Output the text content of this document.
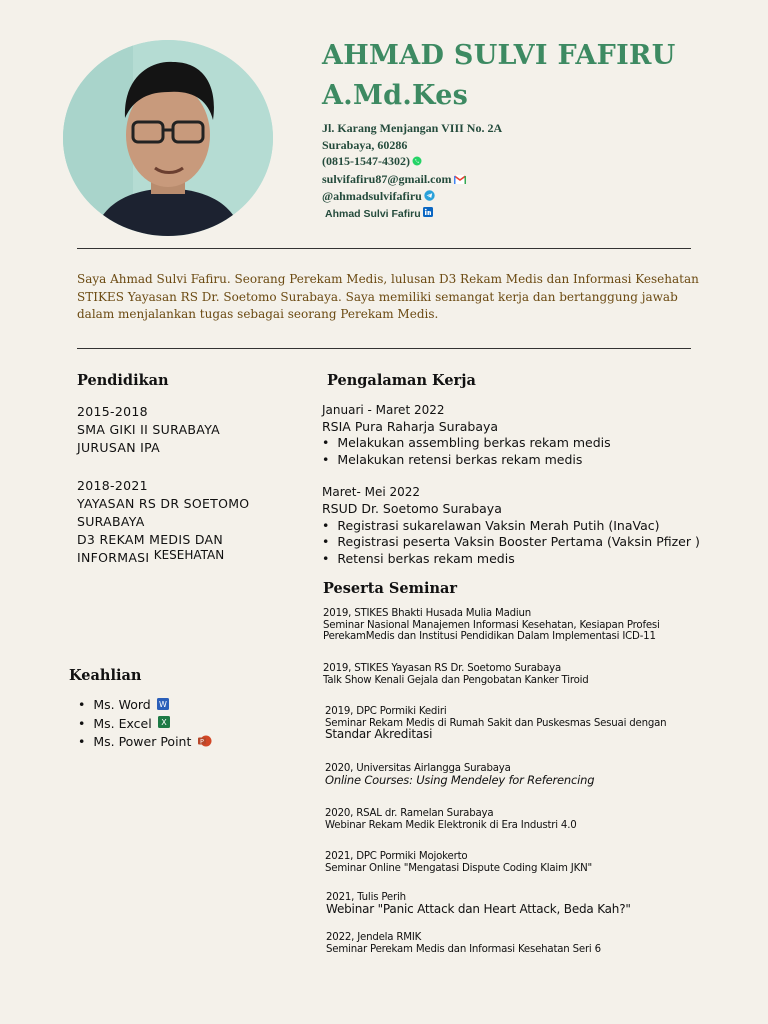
AHMAD SULVI FAFIRU
A.Md.Kes
Jl. Karang Menjangan VIII No. 2A
Surabaya, 60286
(0815-1547-4302)
sulvifafiru87@gmail.com
@ahmadsulvifafiru
Ahmad Sulvi Fafiru
Saya Ahmad Sulvi Fafiru. Seorang Perekam Medis, lulusan D3 Rekam Medis dan Informasi Kesehatan STIKES Yayasan RS Dr. Soetomo Surabaya. Saya memiliki semangat kerja dan bertanggung jawab dalam menjalankan tugas sebagai seorang Perekam Medis.
Pendidikan
2015-2018
SMA GIKI II SURABAYA
JURUSAN IPA
2018-2021
YAYASAN RS DR SOETOMO
SURABAYA
D3 REKAM MEDIS DAN
INFORMASI KESEHATAN
Keahlian
•  Ms. Word W
•  Ms. Excel X
•  Ms. Power Point P
Pengalaman Kerja
Januari - Maret 2022
RSIA Pura Raharja Surabaya
•  Melakukan assembling berkas rekam medis
•  Melakukan retensi berkas rekam medis
Maret- Mei 2022
RSUD Dr. Soetomo Surabaya
•  Registrasi sukarelawan Vaksin Merah Putih (InaVac)
•  Registrasi peserta Vaksin Booster Pertama (Vaksin Pfizer )
•  Retensi berkas rekam medis
Peserta Seminar
2019, STIKES Bhakti Husada Mulia Madiun
Seminar Nasional Manajemen Informasi Kesehatan, Kesiapan Profesi
PerekamMedis dan Institusi Pendidikan Dalam Implementasi ICD-11
2019, STIKES Yayasan RS Dr. Soetomo Surabaya
Talk Show Kenali Gejala dan Pengobatan Kanker Tiroid
2019, DPC Pormiki Kediri
Seminar Rekam Medis di Rumah Sakit dan Puskesmas Sesuai dengan
Standar Akreditasi
2020, Universitas Airlangga Surabaya
Online Courses: Using Mendeley for Referencing
2020, RSAL dr. Ramelan Surabaya
Webinar Rekam Medik Elektronik di Era Industri 4.0
2021, DPC Pormiki Mojokerto
Seminar Online "Mengatasi Dispute Coding Klaim JKN"
2021, Tulis Perih
Webinar "Panic Attack dan Heart Attack, Beda Kah?"
2022, Jendela RMIK
Seminar Perekam Medis dan Informasi Kesehatan Seri 6
